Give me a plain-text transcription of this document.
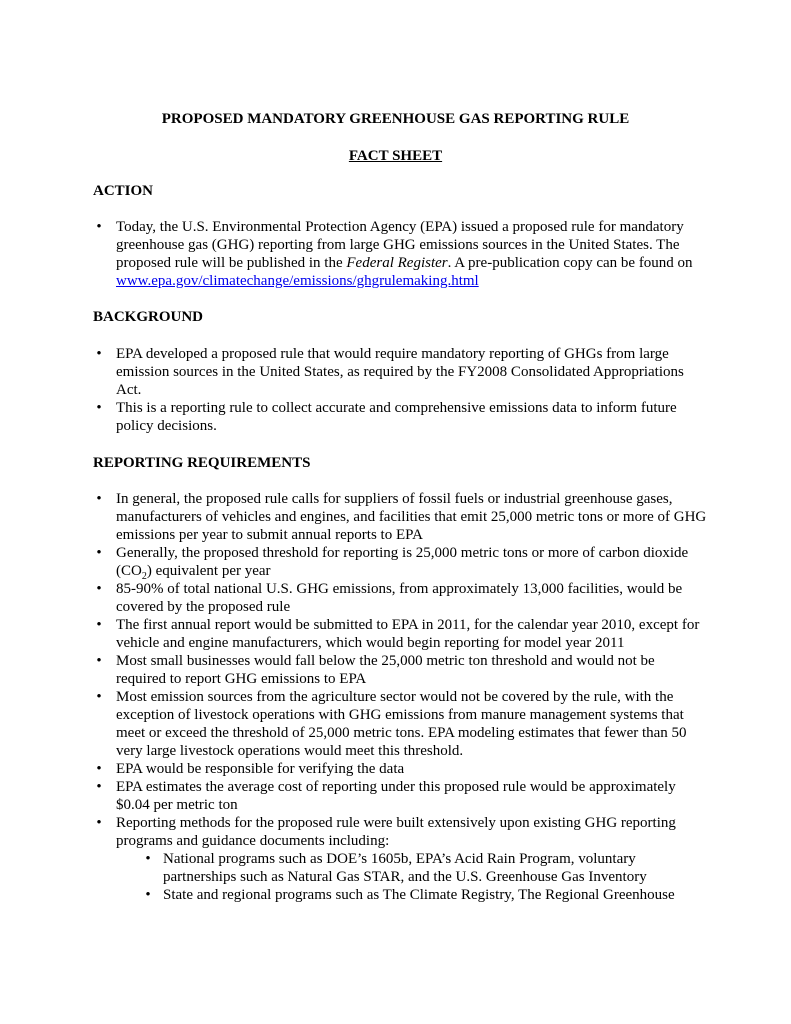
PROPOSED MANDATORY GREENHOUSE GAS REPORTING RULE
FACT SHEET
ACTION
• Today, the U.S. Environmental Protection Agency (EPA) issued a proposed rule for mandatory greenhouse gas (GHG) reporting from large GHG emissions sources in the United States. The proposed rule will be published in the Federal Register. A pre-publication copy can be found on www.epa.gov/climatechange/emissions/ghgrulemaking.html
BACKGROUND
• EPA developed a proposed rule that would require mandatory reporting of GHGs from large emission sources in the United States, as required by the FY2008 Consolidated Appropriations Act.
• This is a reporting rule to collect accurate and comprehensive emissions data to inform future policy decisions.
REPORTING REQUIREMENTS
• In general, the proposed rule calls for suppliers of fossil fuels or industrial greenhouse gases, manufacturers of vehicles and engines, and facilities that emit 25,000 metric tons or more of GHG emissions per year to submit annual reports to EPA
• Generally, the proposed threshold for reporting is 25,000 metric tons or more of carbon dioxide $(CO_2)$ equivalent per year
• 85-90% of total national U.S. GHG emissions, from approximately 13,000 facilities, would be covered by the proposed rule
• The first annual report would be submitted to EPA in 2011, for the calendar year 2010, except for vehicle and engine manufacturers, which would begin reporting for model year 2011
• Most small businesses would fall below the 25,000 metric ton threshold and would not be required to report GHG emissions to EPA
• Most emission sources from the agriculture sector would not be covered by the rule, with the exception of livestock operations with GHG emissions from manure management systems that meet or exceed the threshold of 25,000 metric tons. EPA modeling estimates that fewer than 50 very large livestock operations would meet this threshold.
• EPA would be responsible for verifying the data
• EPA estimates the average cost of reporting under this proposed rule would be approximately $0.04 per metric ton
• Reporting methods for the proposed rule were built extensively upon existing GHG reporting programs and guidance documents including:
• National programs such as DOE’s 1605b, EPA’s Acid Rain Program, voluntary partnerships such as Natural Gas STAR, and the U.S. Greenhouse Gas Inventory
• State and regional programs such as The Climate Registry, The Regional Greenhouse
